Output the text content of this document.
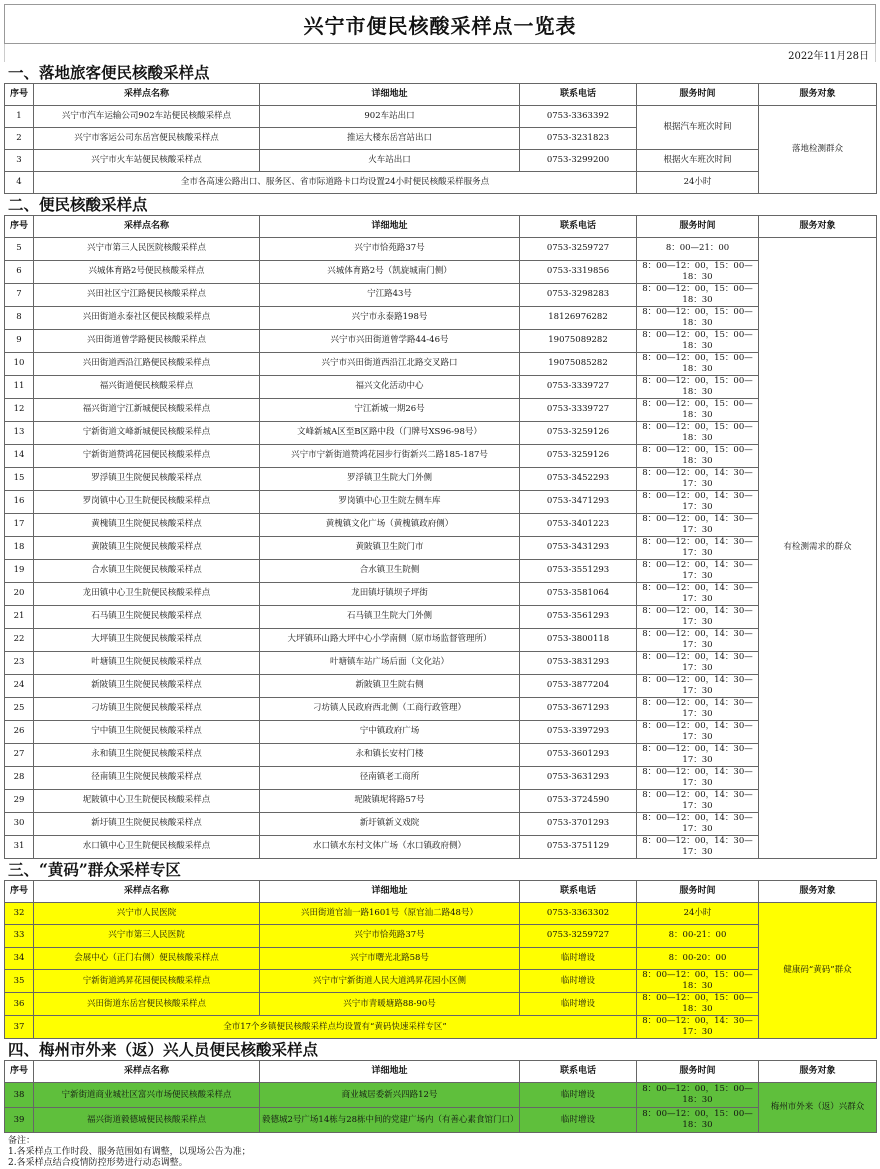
兴宁市便民核酸采样点一览表
2022年11月28日
一、落地旅客便民核酸采样点
序号	采样点名称	详细地址	联系电话	服务时间	服务对象
1	兴宁市汽车运输公司902车站便民核酸采样点	902车站出口	0753-3363392	根据汽车班次时间	落地检测群众
2	兴宁市客运公司东岳宫便民核酸采样点	推运大楼东岳宫站出口	0753-3231823		
3	兴宁市火车站便民核酸采样点	火车站出口	0753-3299200	根据火车班次时间	
4	全市各高速公路出口、服务区、省市际道路卡口均设置24小时便民核酸采样服务点			24小时	
二、便民核酸采样点
序号	采样点名称	详细地址	联系电话	服务时间	服务对象
5	兴宁市第三人民医院核酸采样点	兴宁市恰苑路37号	0753-3259727	8：00—21：00	有检测需求的群众
6	兴城体育路2号便民核酸采样点	兴城体育路2号（凯旋城南门侧）	0753-3319856	8：00—12：00，15：00—18：30	
7	兴田社区宁江路便民核酸采样点	宁江路43号	0753-3298283	8：00—12：00，15：00—18：30	
8	兴田街道永泰社区便民核酸采样点	兴宁市永泰路198号	18126976282	8：00—12：00，15：00—18：30	
9	兴田街道曾学路便民核酸采样点	兴宁市兴田街道曾学路44-46号	19075089282	8：00—12：00，15：00—18：30	
10	兴田街道西沿江路便民核酸采样点	兴宁市兴田街道西沿江北路交叉路口	19075085282	8：00—12：00，15：00—18：30	
11	福兴街道便民核酸采样点	福兴文化活动中心	0753-3339727	8：00—12：00，15：00—18：30	
12	福兴街道宁江新城便民核酸采样点	宁江新城一期26号	0753-3339727	8：00—12：00，15：00—18：30	
13	宁新街道文峰新城便民核酸采样点	文峰新城A区至B区路中段（门牌号XS96-98号）	0753-3259126	8：00—12：00，15：00—18：30	
14	宁新街道赞鸿花园便民核酸采样点	兴宁市宁新街道赞鸿花园步行街新兴二路185-187号	0753-3259126	8：00—12：00，15：00—18：30	
15	罗浮镇卫生院便民核酸采样点	罗浮镇卫生院大门外侧	0753-3452293	8：00—12：00，14：30—17：30	
16	罗岗镇中心卫生院便民核酸采样点	罗岗镇中心卫生院左侧车库	0753-3471293	8：00—12：00，14：30—17：30	
17	黄槐镇卫生院便民核酸采样点	黄槐镇文化广场（黄槐镇政府侧）	0753-3401223	8：00—12：00，14：30—17：30	
18	黄陂镇卫生院便民核酸采样点	黄陂镇卫生院门市	0753-3431293	8：00—12：00，14：30—17：30	
19	合水镇卫生院便民核酸采样点	合水镇卫生院侧	0753-3551293	8：00—12：00，14：30—17：30	
20	龙田镇中心卫生院便民核酸采样点	龙田镇圩镇坝子坪街	0753-3581064	8：00—12：00，14：30—17：30	
21	石马镇卫生院便民核酸采样点	石马镇卫生院大门外侧	0753-3561293	8：00—12：00，14：30—17：30	
22	大坪镇卫生院便民核酸采样点	大坪镇环山路大坪中心小学南侧（原市场监督管理所）	0753-3800118	8：00—12：00，14：30—17：30	
23	叶塘镇卫生院便民核酸采样点	叶塘镇车站广场后面（文化站）	0753-3831293	8：00—12：00，14：30—17：30	
24	新陂镇卫生院便民核酸采样点	新陂镇卫生院右侧	0753-3877204	8：00—12：00，14：30—17：30	
25	刁坊镇卫生院便民核酸采样点	刁坊镇人民政府西北侧（工商行政管理）	0753-3671293	8：00—12：00，14：30—17：30	
26	宁中镇卫生院便民核酸采样点	宁中镇政府广场	0753-3397293	8：00—12：00，14：30—17：30	
27	永和镇卫生院便民核酸采样点	永和镇长安村门楼	0753-3601293	8：00—12：00，14：30—17：30	
28	径南镇卫生院便民核酸采样点	径南镇老工商所	0753-3631293	8：00—12：00，14：30—17：30	
29	坭陂镇中心卫生院便民核酸采样点	坭陂镇坭将路57号	0753-3724590	8：00—12：00，14：30—17：30	
30	新圩镇卫生院便民核酸采样点	新圩镇新义戏院	0753-3701293	8：00—12：00，14：30—17：30	
31	水口镇中心卫生院便民核酸采样点	水口镇水东村文体广场（水口镇政府侧）	0753-3751129	8：00—12：00，14：30—17：30	
三、“黄码”群众采样专区
序号	采样点名称	详细地址	联系电话	服务时间	服务对象
32	兴宁市人民医院	兴田街道官汕一路1601号（原官汕二路48号）	0753-3363302	24小时	健康码“黄码”群众
33	兴宁市第三人民医院	兴宁市恰苑路37号	0753-3259727	8：00-21：00	
34	会展中心（正门右侧）便民核酸采样点	兴宁市曙光北路58号	临时增设	8：00-20：00	
35	宁新街道鸿昇花园便民核酸采样点	兴宁市宁新街道人民大道鸿昇花园小区侧	临时增设	8：00—12：00，15：00—18：30	
36	兴田街道东岳宫便民核酸采样点	兴宁市青暖塘路88-90号	临时增设	8：00—12：00，15：00—18：30	
37	全市17个乡镇便民核酸采样点均设置有“黄码快速采样专区”			8：00—12：00，14：30—17：30	
四、梅州市外来（返）兴人员便民核酸采样点
序号	采样点名称	详细地址	联系电话	服务时间	服务对象
38	宁新街道商业城社区富兴市场便民核酸采样点	商业城居委新兴四路12号	临时增设	8：00—12：00，15：00—18：30	梅州市外来（返）兴群众
39	福兴街道毅德城便民核酸采样点	毅德城2号广场14栋与28栋中间的党建广场内（有善心素食馆门口）	临时增设	8：00—12：00，15：00—18：30	
备注：
1.各采样点工作时段、服务范围如有调整，以现场公告为准；
2.各采样点结合疫情防控形势进行动态调整。
